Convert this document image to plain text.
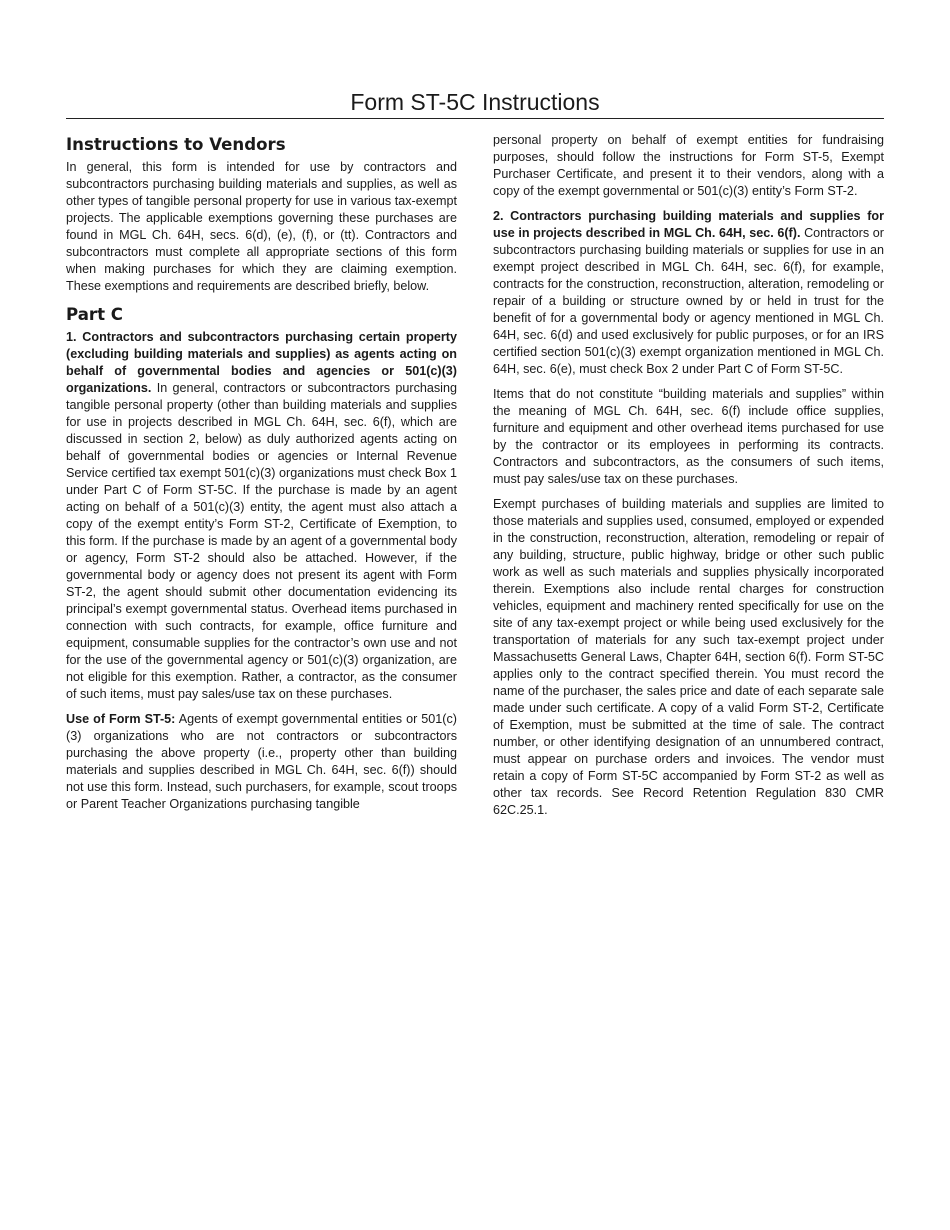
Form ST-5C Instructions
Instructions to Vendors

In general, this form is intended for use by contractors and subcontractors purchasing building materials and supplies, as well as other types of tangible personal property for use in various tax-exempt projects. The applicable exemptions governing these purchases are found in MGL Ch. 64H, secs. 6(d), (e), (f), or (tt). Contractors and subcontractors must complete all appropriate sections of this form when making purchases for which they are claiming exemption. These exemptions and requirements are described briefly, below.

Part C

1. Contractors and subcontractors purchasing certain property (excluding building materials and supplies) as agents acting on behalf of governmental bodies and agencies or 501(c)(3) organizations. In general, contractors or subcontractors purchasing tangible personal property (other than building materials and supplies for use in projects described in MGL Ch. 64H, sec. 6(f), which are discussed in section 2, below) as duly authorized agents acting on behalf of governmental bodies or agencies or Internal Revenue Service certified tax exempt 501(c)(3) organizations must check Box 1 under Part C of Form ST-5C. If the purchase is made by an agent acting on behalf of a 501(c)(3) entity, the agent must also attach a copy of the exempt entity’s Form ST-2, Certificate of Exemption, to this form. If the purchase is made by an agent of a governmental body or agency, Form ST-2 should also be attached. However, if the governmental body or agency does not present its agent with Form ST-2, the agent should submit other documentation evidencing its principal’s exempt governmental status. Overhead items purchased in connection with such contracts, for example, office furniture and equipment, consumable supplies for the contractor’s own use and not for the use of the governmental agency or 501(c)(3) organization, are not eligible for this exemption. Rather, a contractor, as the consumer of such items, must pay sales/use tax on these purchases.

Use of Form ST-5: Agents of exempt governmental entities or 501(c)(3) organizations who are not contractors or subcontractors purchasing the above property (i.e., property other than building materials and supplies described in MGL Ch. 64H, sec. 6(f)) should not use this form. Instead, such purchasers, for example, scout troops or Parent Teacher Organizations purchasing tangible

personal property on behalf of exempt entities for fundraising purposes, should follow the instructions for Form ST-5, Exempt Purchaser Certificate, and present it to their vendors, along with a copy of the exempt governmental or 501(c)(3) entity’s Form ST-2.

2. Contractors purchasing building materials and supplies for use in projects described in MGL Ch. 64H, sec. 6(f). Contractors or subcontractors purchasing building materials or supplies for use in an exempt project described in MGL Ch. 64H, sec. 6(f), for example, contracts for the construction, reconstruction, alteration, remodeling or repair of a building or structure owned by or held in trust for the benefit of for a governmental body or agency mentioned in MGL Ch. 64H, sec. 6(d) and used exclusively for public purposes, or for an IRS certified section 501(c)(3) exempt organization mentioned in MGL Ch. 64H, sec. 6(e), must check Box 2 under Part C of Form ST-5C.

Items that do not constitute “building materials and supplies” within the meaning of MGL Ch. 64H, sec. 6(f) include office supplies, furniture and equipment and other overhead items purchased for use by the contractor or its employees in performing its contracts. Contractors and subcontractors, as the consumers of such items, must pay sales/use tax on these purchases.

Exempt purchases of building materials and supplies are limited to those materials and supplies used, consumed, employed or expended in the construction, reconstruction, alteration, remodeling or repair of any building, structure, public highway, bridge or other such public work as well as such materials and supplies physically incorporated therein. Exemptions also include rental charges for construction vehicles, equipment and machinery rented specifically for use on the site of any tax-exempt project or while being used exclusively for the transportation of materials for any such tax-exempt project under Massachusetts General Laws, Chapter 64H, section 6(f). Form ST-5C applies only to the contract specified therein. You must record the name of the purchaser, the sales price and date of each separate sale made under such certificate. A copy of a valid Form ST-2, Certificate of Exemption, must be submitted at the time of sale. The contract number, or other identifying designation of an unnumbered contract, must appear on purchase orders and invoices. The vendor must retain a copy of Form ST-5C accompanied by Form ST-2 as well as other tax records. See Record Retention Regulation 830 CMR 62C.25.1.
